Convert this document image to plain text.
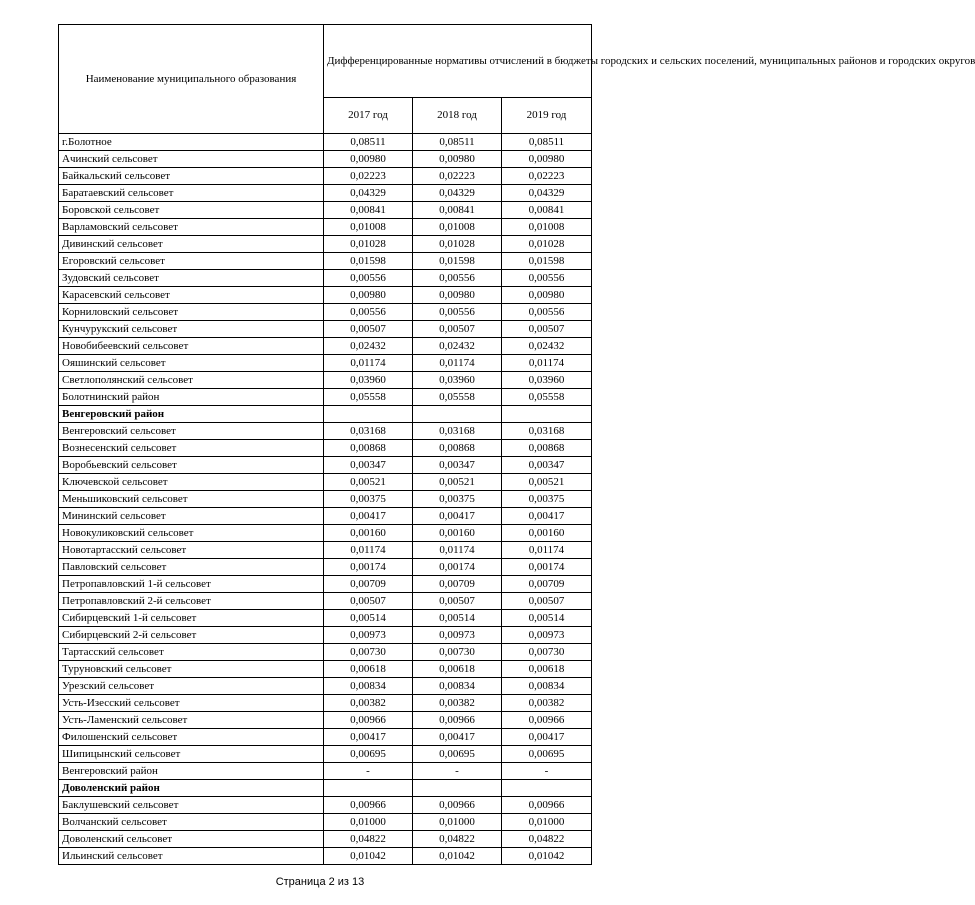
Наименование муниципального образования	Дифференцированные нормативы отчислений в бюджеты городских и сельских поселений, муниципальных районов и городских округов		
	2017 год	2018 год	2019 год
г.Болотное	0,08511	0,08511	0,08511
Ачинский сельсовет	0,00980	0,00980	0,00980
Байкальский сельсовет	0,02223	0,02223	0,02223
Баратаевский сельсовет	0,04329	0,04329	0,04329
Боровской сельсовет	0,00841	0,00841	0,00841
Варламовский сельсовет	0,01008	0,01008	0,01008
Дивинский сельсовет	0,01028	0,01028	0,01028
Егоровский сельсовет	0,01598	0,01598	0,01598
Зудовский сельсовет	0,00556	0,00556	0,00556
Карасевский сельсовет	0,00980	0,00980	0,00980
Корниловский сельсовет	0,00556	0,00556	0,00556
Кунчурукский сельсовет	0,00507	0,00507	0,00507
Новобибеевский сельсовет	0,02432	0,02432	0,02432
Ояшинский сельсовет	0,01174	0,01174	0,01174
Светлополянский сельсовет	0,03960	0,03960	0,03960
Болотнинский район	0,05558	0,05558	0,05558
Венгеровский район			
Венгеровский сельсовет	0,03168	0,03168	0,03168
Вознесенский сельсовет	0,00868	0,00868	0,00868
Воробьевский сельсовет	0,00347	0,00347	0,00347
Ключевской сельсовет	0,00521	0,00521	0,00521
Меньшиковский сельсовет	0,00375	0,00375	0,00375
Мининский сельсовет	0,00417	0,00417	0,00417
Новокуликовский сельсовет	0,00160	0,00160	0,00160
Новотартасский сельсовет	0,01174	0,01174	0,01174
Павловский сельсовет	0,00174	0,00174	0,00174
Петропавловский 1-й сельсовет	0,00709	0,00709	0,00709
Петропавловский 2-й сельсовет	0,00507	0,00507	0,00507
Сибирцевский 1-й сельсовет	0,00514	0,00514	0,00514
Сибирцевский 2-й сельсовет	0,00973	0,00973	0,00973
Тартасский сельсовет	0,00730	0,00730	0,00730
Туруновский сельсовет	0,00618	0,00618	0,00618
Урезский сельсовет	0,00834	0,00834	0,00834
Усть-Изесский сельсовет	0,00382	0,00382	0,00382
Усть-Ламенский сельсовет	0,00966	0,00966	0,00966
Филошенский сельсовет	0,00417	0,00417	0,00417
Шипицынский сельсовет	0,00695	0,00695	0,00695
Венгеровский район	-	-	-
Доволенский район			
Баклушевский сельсовет	0,00966	0,00966	0,00966
Волчанский сельсовет	0,01000	0,01000	0,01000
Доволенский сельсовет	0,04822	0,04822	0,04822
Ильинский сельсовет	0,01042	0,01042	0,01042
Страница 2 из 13
